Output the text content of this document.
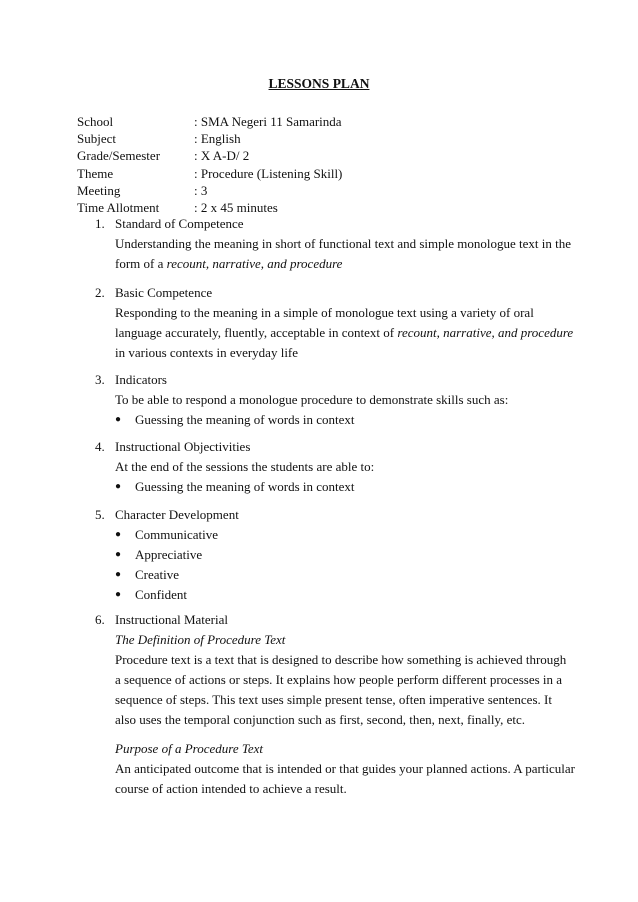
LESSONS PLAN
School	: SMA Negeri 11 Samarinda
Subject	: English
Grade/Semester	: X A-D/ 2
Theme	: Procedure (Listening Skill)
Meeting	: 3
Time Allotment	: 2 x 45 minutes
1. Standard of Competence
Understanding the meaning in short of functional text and simple monologue text in the form of a recount, narrative, and procedure
2. Basic Competence
Responding to the meaning in a simple of monologue text using a variety of oral language accurately, fluently, acceptable in context of recount, narrative, and procedure in various contexts in everyday life
3. Indicators
To be able to respond a monologue procedure to demonstrate skills such as:
●	Guessing the meaning of words in context
4. Instructional Objectivities
At the end of the sessions the students are able to:
●	Guessing the meaning of words in context
5. Character Development
●	Communicative
●	Appreciative
●	Creative
●	Confident
6. Instructional Material
The Definition of Procedure Text
Procedure text is a text that is designed to describe how something is achieved through a sequence of actions or steps. It explains how people perform different processes in a sequence of steps. This text uses simple present tense, often imperative sentences. It also uses the temporal conjunction such as first, second, then, next, finally, etc.
Purpose of a Procedure Text
An anticipated outcome that is intended or that guides your planned actions. A particular course of action intended to achieve a result.
